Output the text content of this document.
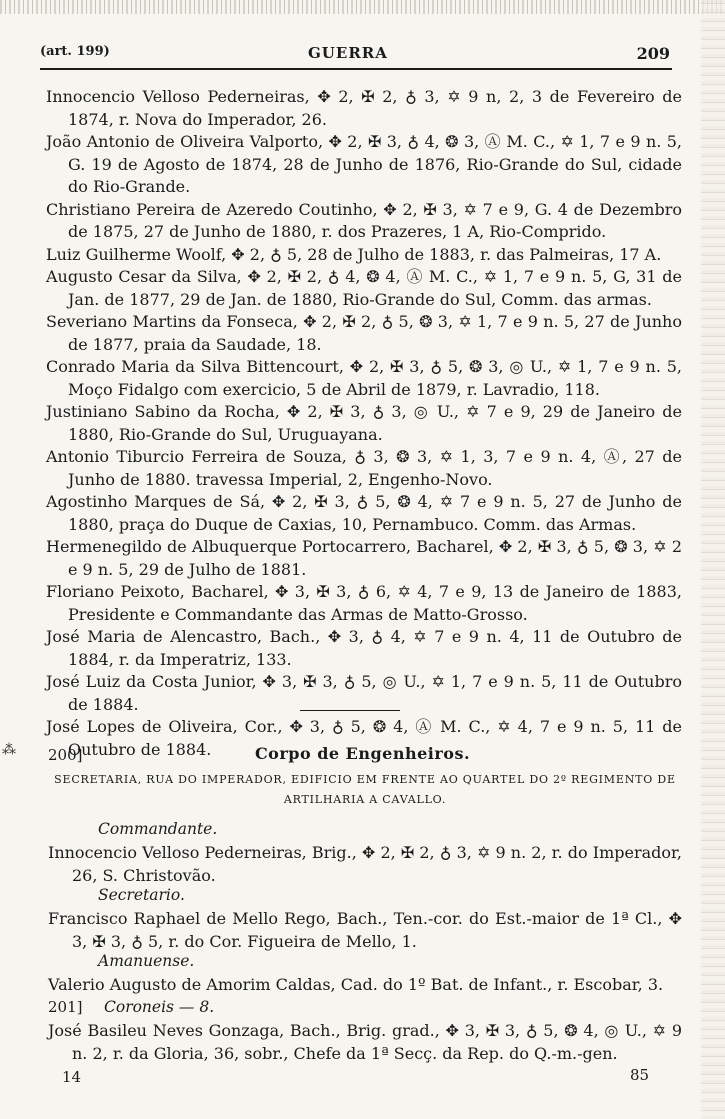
(art. 199)	GUERRA	209

Innocencio Velloso Pederneiras, ✥ 2, ✠ 2, ♁ 3, ✡ 9 n, 2, 3 de Fevereiro de 1874, r. Nova do Imperador, 26.

João Antonio de Oliveira Valporto, ✥ 2, ✠ 3, ♁ 4, ❂ 3, Ⓐ M. C., ✡ 1, 7 e 9 n. 5, G. 19 de Agosto de 1874, 28 de Junho de 1876, Rio-Grande do Sul, cidade do Rio-Grande.

Christiano Pereira de Azeredo Coutinho, ✥ 2, ✠ 3, ✡ 7 e 9, G. 4 de Dezembro de 1875, 27 de Junho de 1880, r. dos Prazeres, 1 A, Rio-Comprido.

Luiz Guilherme Woolf, ✥ 2, ♁ 5, 28 de Julho de 1883, r. das Palmeiras, 17 A.

Augusto Cesar da Silva, ✥ 2, ✠ 2, ♁ 4, ❂ 4, Ⓐ M. C., ✡ 1, 7 e 9 n. 5, G, 31 de Jan. de 1877, 29 de Jan. de 1880, Rio-Grande do Sul, Comm. das armas.

Severiano Martins da Fonseca, ✥ 2, ✠ 2, ♁ 5, ❂ 3, ✡ 1, 7 e 9 n. 5, 27 de Junho de 1877, praia da Saudade, 18.

Conrado Maria da Silva Bittencourt, ✥ 2, ✠ 3, ♁ 5, ❂ 3, ◎ U., ✡ 1, 7 e 9 n. 5, Moço Fidalgo com exercicio, 5 de Abril de 1879, r. Lavradio, 118.

Justiniano Sabino da Rocha, ✥ 2, ✠ 3, ♁ 3, ◎ U., ✡ 7 e 9, 29 de Janeiro de 1880, Rio-Grande do Sul, Uruguayana.

Antonio Tiburcio Ferreira de Souza, ♁ 3, ❂ 3, ✡ 1, 3, 7 e 9 n. 4, Ⓐ, 27 de Junho de 1880. travessa Imperial, 2, Engenho-Novo.

Agostinho Marques de Sá, ✥ 2, ✠ 3, ♁ 5, ❂ 4, ✡ 7 e 9 n. 5, 27 de Junho de 1880, praça do Duque de Caxias, 10, Pernambuco. Comm. das Armas.

Hermenegildo de Albuquerque Portocarrero, Bacharel, ✥ 2, ✠ 3, ♁ 5, ❂ 3, ✡ 2 e 9 n. 5, 29 de Julho de 1881.

Floriano Peixoto, Bacharel, ✥ 3, ✠ 3, ♁ 6, ✡ 4, 7 e 9, 13 de Janeiro de 1883, Presidente e Commandante das Armas de Matto-Grosso.

José Maria de Alencastro, Bach., ✥ 3, ♁ 4, ✡ 7 e 9 n. 4, 11 de Outubro de 1884, r. da Imperatriz, 133.

José Luiz da Costa Junior, ✥ 3, ✠ 3, ♁ 5, ◎ U., ✡ 1, 7 e 9 n. 5, 11 de Outubro de 1884.

José Lopes de Oliveira, Cor., ✥ 3, ♁ 5, ❂ 4, Ⓐ M. C., ✡ 4, 7 e 9 n. 5, 11 de Outubro de 1884.

⁂ 200]	Corpo de Engenheiros.
SECRETARIA, RUA DO IMPERADOR, EDIFICIO EM FRENTE AO QUARTEL DO 2º REGIMENTO DE ARTILHARIA A CAVALLO.
Commandante.
Innocencio Velloso Pederneiras, Brig., ✥ 2, ✠ 2, ♁ 3, ✡ 9 n. 2, r. do Imperador, 26, S. Christovão.
Secretario.
Francisco Raphael de Mello Rego, Bach., Ten.-cor. do Est.-maior de 1ª Cl., ✥ 3, ✠ 3, ♁ 5, r. do Cor. Figueira de Mello, 1.
Amanuense.
Valerio Augusto de Amorim Caldas, Cad. do 1º Bat. de Infant., r. Escobar, 3.
201] Coroneis — 8.
José Basileu Neves Gonzaga, Bach., Brig. grad., ✥ 3, ✠ 3, ♁ 5, ❂ 4, ◎ U., ✡ 9 n. 2, r. da Gloria, 36, sobr., Chefe da 1ª Secç. da Rep. do Q.-m.-gen.
14	85
